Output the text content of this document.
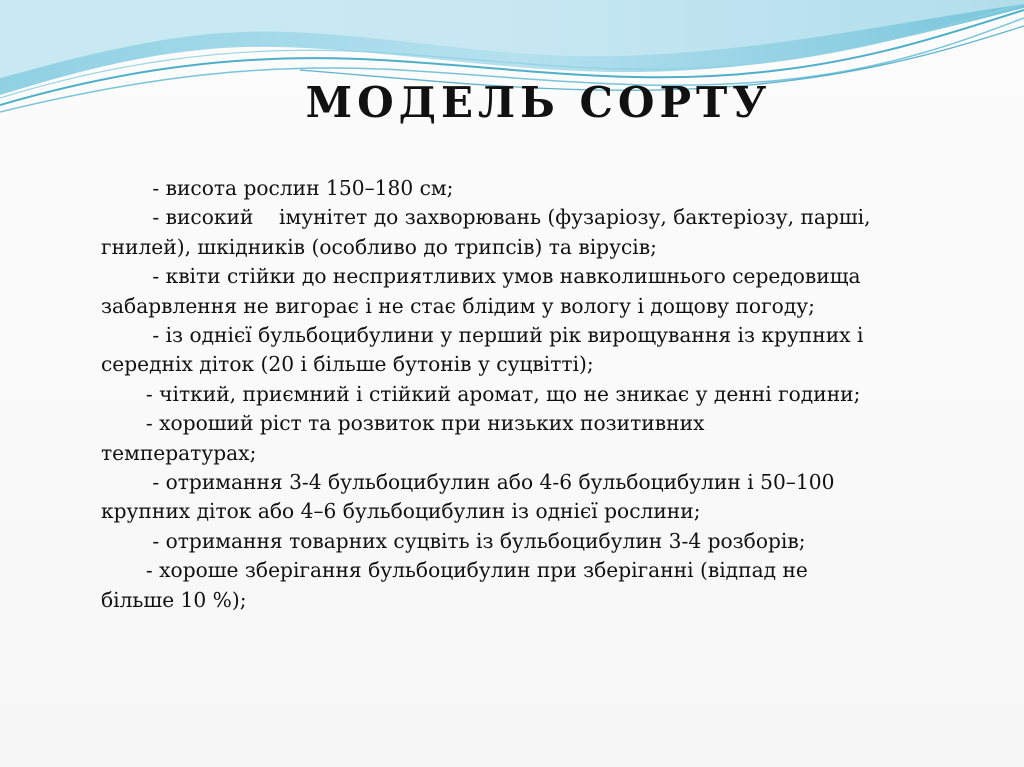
МОДЕЛЬ СОРТУ
- висота рослин 150–180 см;
- високий    імунітет до захворювань (фузаріозу, бактеріозу, парші,
гнилей), шкідників (особливо до трипсів) та вірусів;
- квіти стійки до несприятливих умов навколишнього середовища
забарвлення не вигорає і не стає блідим у вологу і дощову погоду;
- із однієї бульбоцибулини у перший рік вирощування із крупних і
середніх діток (20 і більше бутонів у суцвітті);
- чіткий, приємний і стійкий аромат, що не зникає у денні години;
- хороший ріст та розвиток при низьких позитивних
температурах;
- отримання 3-4 бульбоцибулин або 4-6 бульбоцибулин і 50–100
крупних діток або 4–6 бульбоцибулин із однієї рослини;
- отримання товарних суцвіть із бульбоцибулин 3-4 розборів;
- хороше зберігання бульбоцибулин при зберіганні (відпад не
більше 10 %);
